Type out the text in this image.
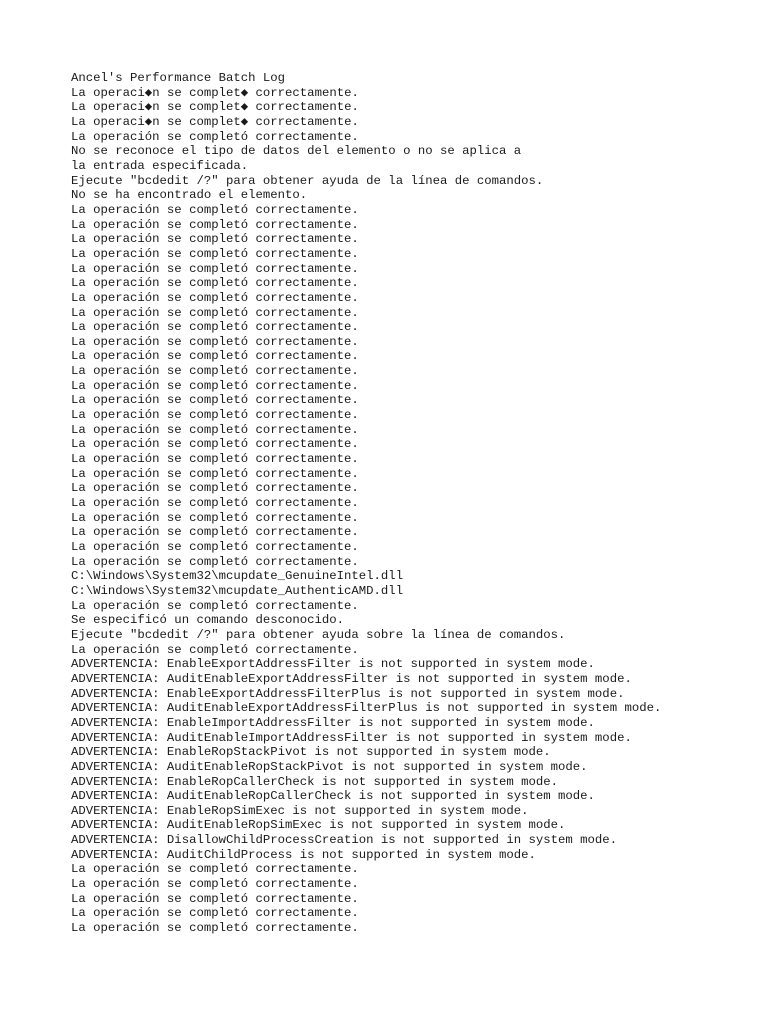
Ancel's Performance Batch Log
La operaci◆n se complet◆ correctamente.
La operaci◆n se complet◆ correctamente.
La operaci◆n se complet◆ correctamente.
La operación se completó correctamente.
No se reconoce el tipo de datos del elemento o no se aplica a
la entrada especificada.
Ejecute "bcdedit /?" para obtener ayuda de la línea de comandos.
No se ha encontrado el elemento.
La operación se completó correctamente.
La operación se completó correctamente.
La operación se completó correctamente.
La operación se completó correctamente.
La operación se completó correctamente.
La operación se completó correctamente.
La operación se completó correctamente.
La operación se completó correctamente.
La operación se completó correctamente.
La operación se completó correctamente.
La operación se completó correctamente.
La operación se completó correctamente.
La operación se completó correctamente.
La operación se completó correctamente.
La operación se completó correctamente.
La operación se completó correctamente.
La operación se completó correctamente.
La operación se completó correctamente.
La operación se completó correctamente.
La operación se completó correctamente.
La operación se completó correctamente.
La operación se completó correctamente.
La operación se completó correctamente.
La operación se completó correctamente.
La operación se completó correctamente.
C:\Windows\System32\mcupdate_GenuineIntel.dll
C:\Windows\System32\mcupdate_AuthenticAMD.dll
La operación se completó correctamente.
Se especificó un comando desconocido.
Ejecute "bcdedit /?" para obtener ayuda sobre la línea de comandos.
La operación se completó correctamente.
ADVERTENCIA: EnableExportAddressFilter is not supported in system mode.
ADVERTENCIA: AuditEnableExportAddressFilter is not supported in system mode.
ADVERTENCIA: EnableExportAddressFilterPlus is not supported in system mode.
ADVERTENCIA: AuditEnableExportAddressFilterPlus is not supported in system mode.
ADVERTENCIA: EnableImportAddressFilter is not supported in system mode.
ADVERTENCIA: AuditEnableImportAddressFilter is not supported in system mode.
ADVERTENCIA: EnableRopStackPivot is not supported in system mode.
ADVERTENCIA: AuditEnableRopStackPivot is not supported in system mode.
ADVERTENCIA: EnableRopCallerCheck is not supported in system mode.
ADVERTENCIA: AuditEnableRopCallerCheck is not supported in system mode.
ADVERTENCIA: EnableRopSimExec is not supported in system mode.
ADVERTENCIA: AuditEnableRopSimExec is not supported in system mode.
ADVERTENCIA: DisallowChildProcessCreation is not supported in system mode.
ADVERTENCIA: AuditChildProcess is not supported in system mode.
La operación se completó correctamente.
La operación se completó correctamente.
La operación se completó correctamente.
La operación se completó correctamente.
La operación se completó correctamente.
